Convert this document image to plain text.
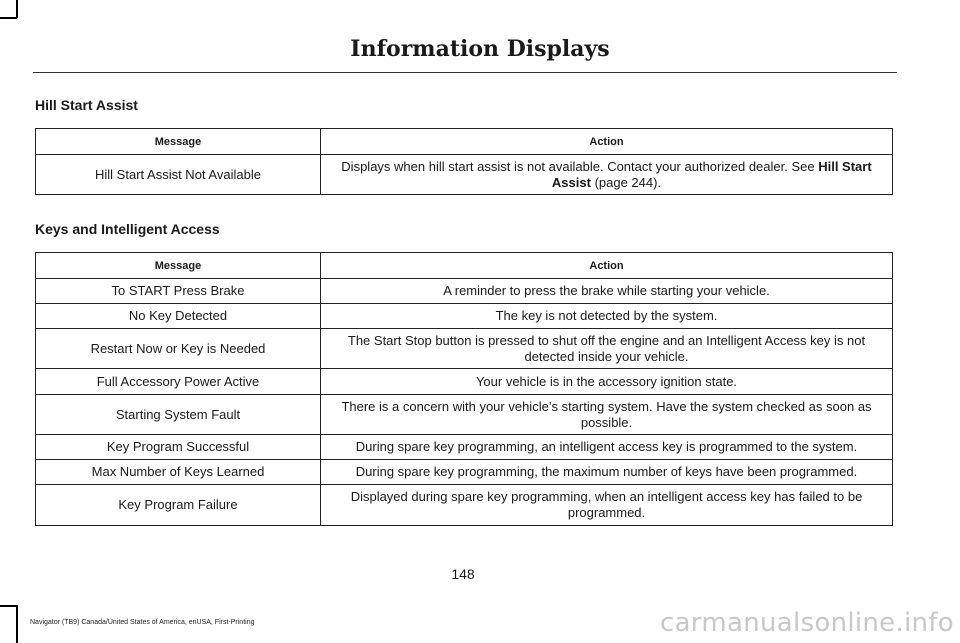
Information Displays
Hill Start Assist
Message	Action
Hill Start Assist Not Available	Displays when hill start assist is not available. Contact your authorized dealer. See Hill Start Assist (page 244).
Keys and Intelligent Access
Message	Action
To START Press Brake	A reminder to press the brake while starting your vehicle.
No Key Detected	The key is not detected by the system.
Restart Now or Key is Needed	The Start Stop button is pressed to shut off the engine and an Intelligent Access key is not detected inside your vehicle.
Full Accessory Power Active	Your vehicle is in the accessory ignition state.
Starting System Fault	There is a concern with your vehicle’s starting system. Have the system checked as soon as possible.
Key Program Successful	During spare key programming, an intelligent access key is programmed to the system.
Max Number of Keys Learned	During spare key programming, the maximum number of keys have been programmed.
Key Program Failure	Displayed during spare key programming, when an intelligent access key has failed to be programmed.
148
Navigator (TB9) Canada/United States of America, enUSA, First-Printing	carmanualsonline.info
